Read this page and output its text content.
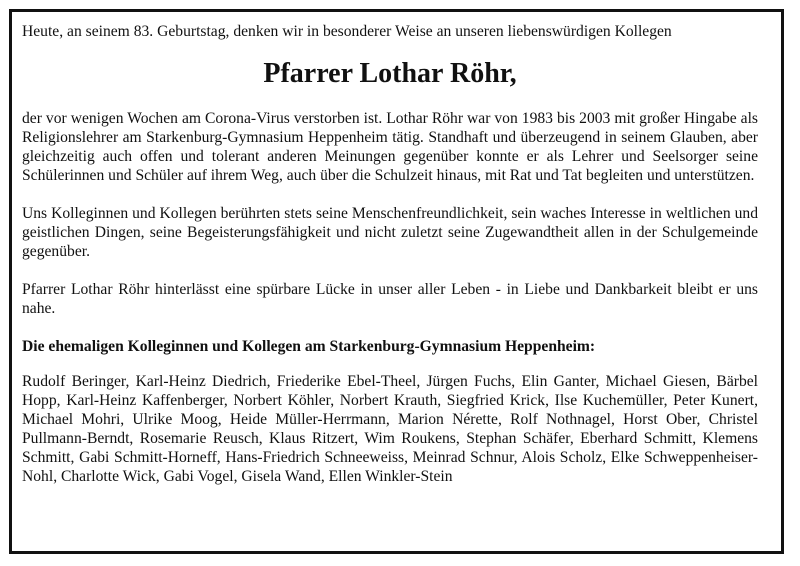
Heute, an seinem 83. Geburtstag, denken wir in besonderer Weise an unseren liebenswürdigen Kollegen

Pfarrer Lothar Röhr,

der vor wenigen Wochen am Corona-Virus verstorben ist. Lothar Röhr war von 1983 bis 2003 mit großer Hingabe als Religionslehrer am Starkenburg-Gymnasium Heppenheim tätig. Standhaft und überzeugend in seinem Glauben, aber gleichzeitig auch offen und tolerant anderen Meinungen gegenüber konnte er als Lehrer und Seelsorger seine Schülerinnen und Schüler auf ihrem Weg, auch über die Schulzeit hinaus, mit Rat und Tat begleiten und unterstützen.

Uns Kolleginnen und Kollegen berührten stets seine Menschenfreundlichkeit, sein waches Interesse in weltlichen und geistlichen Dingen, seine Begeisterungsfähigkeit und nicht zuletzt seine Zugewandtheit allen in der Schulgemeinde gegenüber.

Pfarrer Lothar Röhr hinterlässt eine spürbare Lücke in unser aller Leben - in Liebe und Dankbarkeit bleibt er uns nahe.

Die ehemaligen Kolleginnen und Kollegen am Starkenburg-Gymnasium Heppenheim:

Rudolf Beringer, Karl-Heinz Diedrich, Friederike Ebel-Theel, Jürgen Fuchs, Elin Ganter, Michael Giesen, Bärbel Hopp, Karl-Heinz Kaffenberger, Norbert Köhler, Norbert Krauth, Siegfried Krick, Ilse Kuchemüller, Peter Kunert, Michael Mohri, Ulrike Moog, Heide Müller-Herrmann, Marion Nérette, Rolf Nothnagel, Horst Ober, Christel Pullmann-Berndt, Rosemarie Reusch, Klaus Ritzert, Wim Roukens, Stephan Schäfer, Eberhard Schmitt, Klemens Schmitt, Gabi Schmitt-Horneff, Hans-Friedrich Schneeweiss, Meinrad Schnur, Alois Scholz, Elke Schweppenheiser-Nohl, Charlotte Wick, Gabi Vogel, Gisela Wand, Ellen Winkler-Stein
